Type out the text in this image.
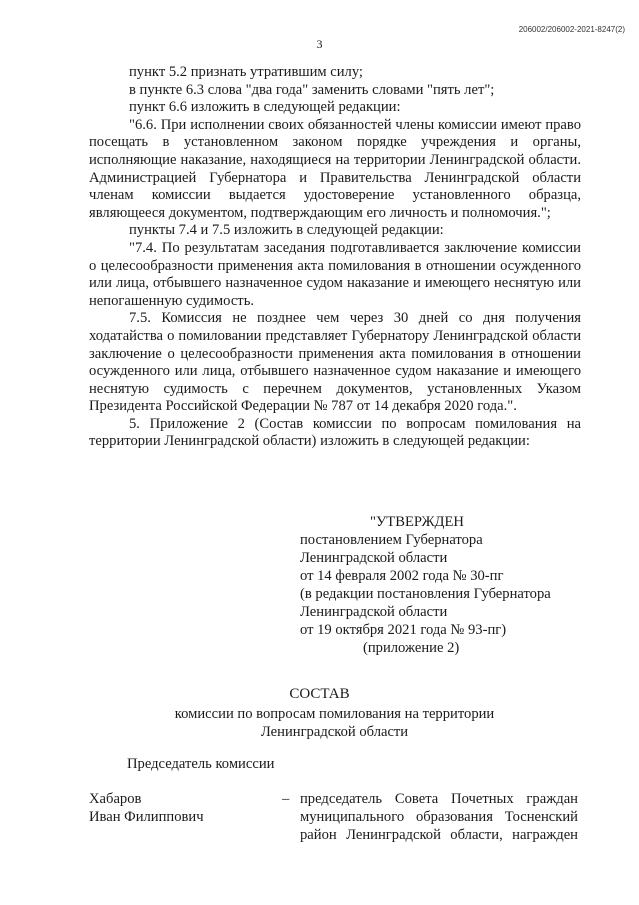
206002/206002-2021-8247(2)
3

пункт 5.2 признать утратившим силу;

в пункте 6.3 слова "два года" заменить словами "пять лет";

пункт 6.6 изложить в следующей редакции:

"6.6. При исполнении своих обязанностей члены комиссии имеют право посещать в установленном законом порядке учреждения и органы, исполняющие наказание, находящиеся на территории Ленинградской области. Администрацией Губернатора и Правительства Ленинградской области членам комиссии выдается удостоверение установленного образца, являющееся документом, подтверждающим его личность и полномочия.";

пункты 7.4 и 7.5 изложить в следующей редакции:

"7.4. По результатам заседания подготавливается заключение комиссии о целесообразности применения акта помилования в отношении осужденного или лица, отбывшего назначенное судом наказание и имеющего неснятую или непогашенную судимость.

7.5. Комиссия не позднее чем через 30 дней со дня получения ходатайства о помиловании представляет Губернатору Ленинградской области заключение о целесообразности применения акта помилования в отношении осужденного или лица, отбывшего назначенное судом наказание и имеющего неснятую судимость с перечнем документов, установленных Указом Президента Российской Федерации № 787 от 14 декабря 2020 года.".

5. Приложение 2 (Состав комиссии по вопросам помилования на территории Ленинградской области) изложить в следующей редакции:

"УТВЕРЖДЕН
постановлением Губернатора
Ленинградской области
от 14 февраля 2002 года № 30-пг
(в редакции постановления Губернатора
Ленинградской области
от 19 октября 2021 года № 93-пг)
(приложение 2)
СОСТАВ
комиссии по вопросам помилования на территории
Ленинградской области
Председатель комиссии
Хабаров
Иван Филиппович
– председатель Совета Почетных граждан муниципального образования Тосненский район Ленинградской области, награжден
